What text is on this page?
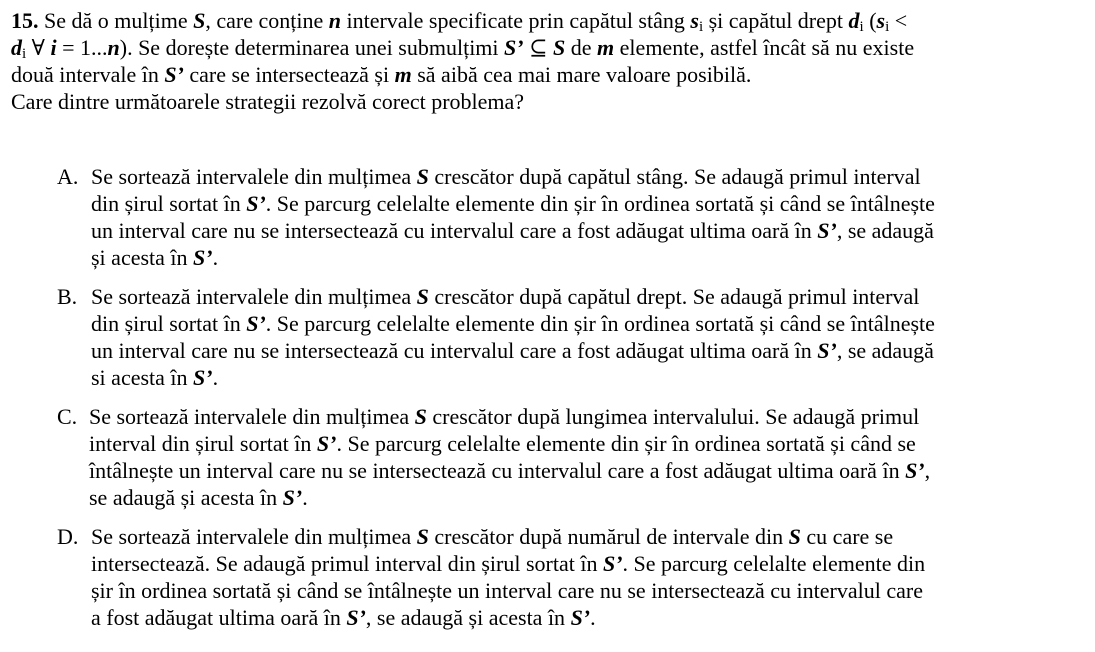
15. Se dă o mulțime S, care conține n intervale specificate prin capătul stâng $s_i$ și capătul drept $d_i$ ($s_i$ <
$d_i$ ∀ i = 1...n). Se dorește determinarea unei submulțimi S’ ⊆ S de m elemente, astfel încât să nu existe
două intervale în S’ care se intersectează și m să aibă cea mai mare valoare posibilă.
Care dintre următoarele strategii rezolvă corect problema?
A. Se sortează intervalele din mulțimea S crescător după capătul stâng. Se adaugă primul interval
din șirul sortat în S’. Se parcurg celelalte elemente din șir în ordinea sortată și când se întâlnește
un interval care nu se intersectează cu intervalul care a fost adăugat ultima oară în S’, se adaugă
și acesta în S’.
B. Se sortează intervalele din mulțimea S crescător după capătul drept. Se adaugă primul interval
din șirul sortat în S’. Se parcurg celelalte elemente din șir în ordinea sortată și când se întâlnește
un interval care nu se intersectează cu intervalul care a fost adăugat ultima oară în S’, se adaugă
si acesta în S’.
C. Se sortează intervalele din mulțimea S crescător după lungimea intervalului. Se adaugă primul
interval din șirul sortat în S’. Se parcurg celelalte elemente din șir în ordinea sortată și când se
întâlnește un interval care nu se intersectează cu intervalul care a fost adăugat ultima oară în S’,
se adaugă și acesta în S’.
D. Se sortează intervalele din mulțimea S crescător după numărul de intervale din S cu care se
intersectează. Se adaugă primul interval din șirul sortat în S’. Se parcurg celelalte elemente din
șir în ordinea sortată și când se întâlnește un interval care nu se intersectează cu intervalul care
a fost adăugat ultima oară în S’, se adaugă și acesta în S’.
